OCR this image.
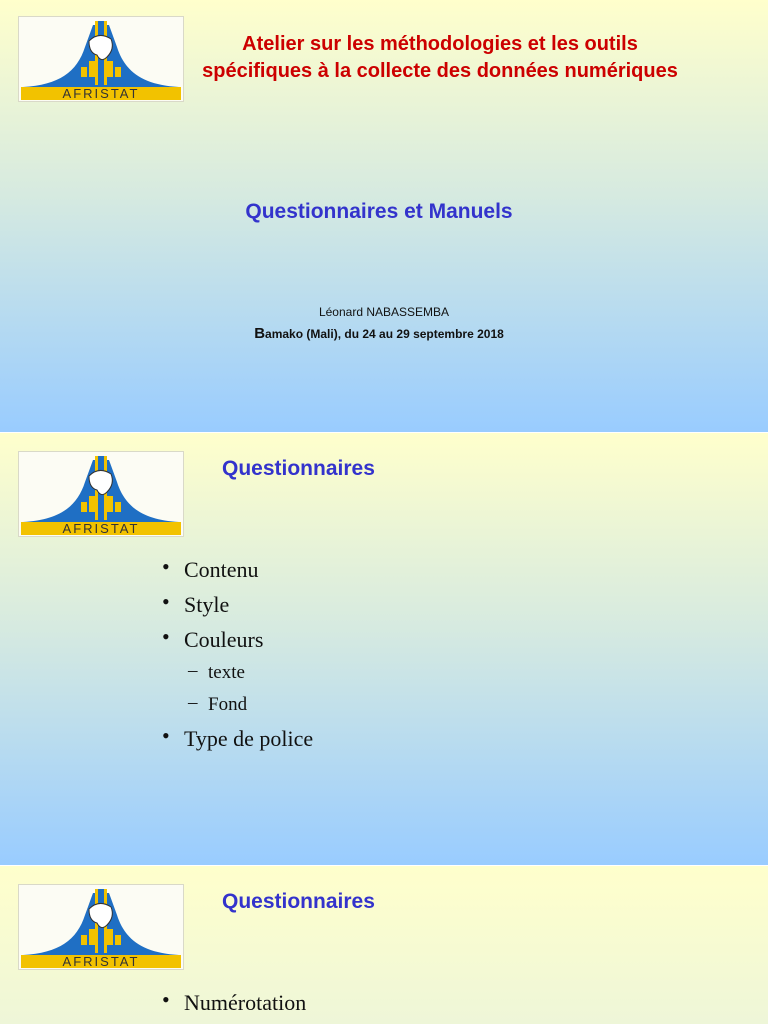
AFRISTAT
Atelier sur les méthodologies et les outils spécifiques à la collecte des données numériques
Questionnaires et Manuels
Léonard NABASSEMBA
Bamako (Mali), du 24 au 29 septembre 2018
AFRISTAT
Questionnaires
• Contenu
• Style
• Couleurs
– texte
– Fond
• Type de police
AFRISTAT
Questionnaires
• Numérotation
